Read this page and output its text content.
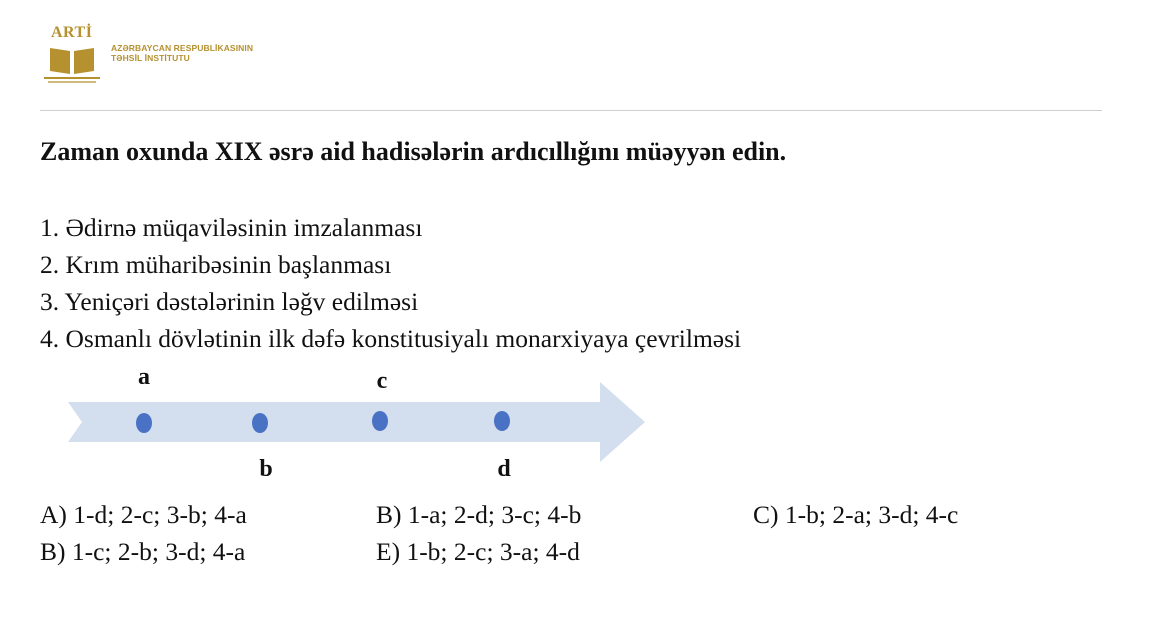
ARTİ
AZƏRBAYCAN RESPUBLİKASININ
TƏHSİL İNSTİTUTU
Zaman oxunda XIX əsrə aid hadisələrin ardıcıllığını müəyyən edin.
1. Ədirnə müqaviləsinin imzalanması
2. Krım müharibəsinin başlanması
3. Yeniçəri dəstələrinin ləğv edilməsi
4. Osmanlı dövlətinin ilk dəfə konstitusiyalı monarxiyaya çevrilməsi
a
b
c
d
A) 1-d; 2-c; 3-b; 4-a	B) 1-a; 2-d; 3-c; 4-b	C) 1-b; 2-a; 3-d; 4-c
B) 1-c; 2-b; 3-d; 4-a	E) 1-b; 2-c; 3-a; 4-d
